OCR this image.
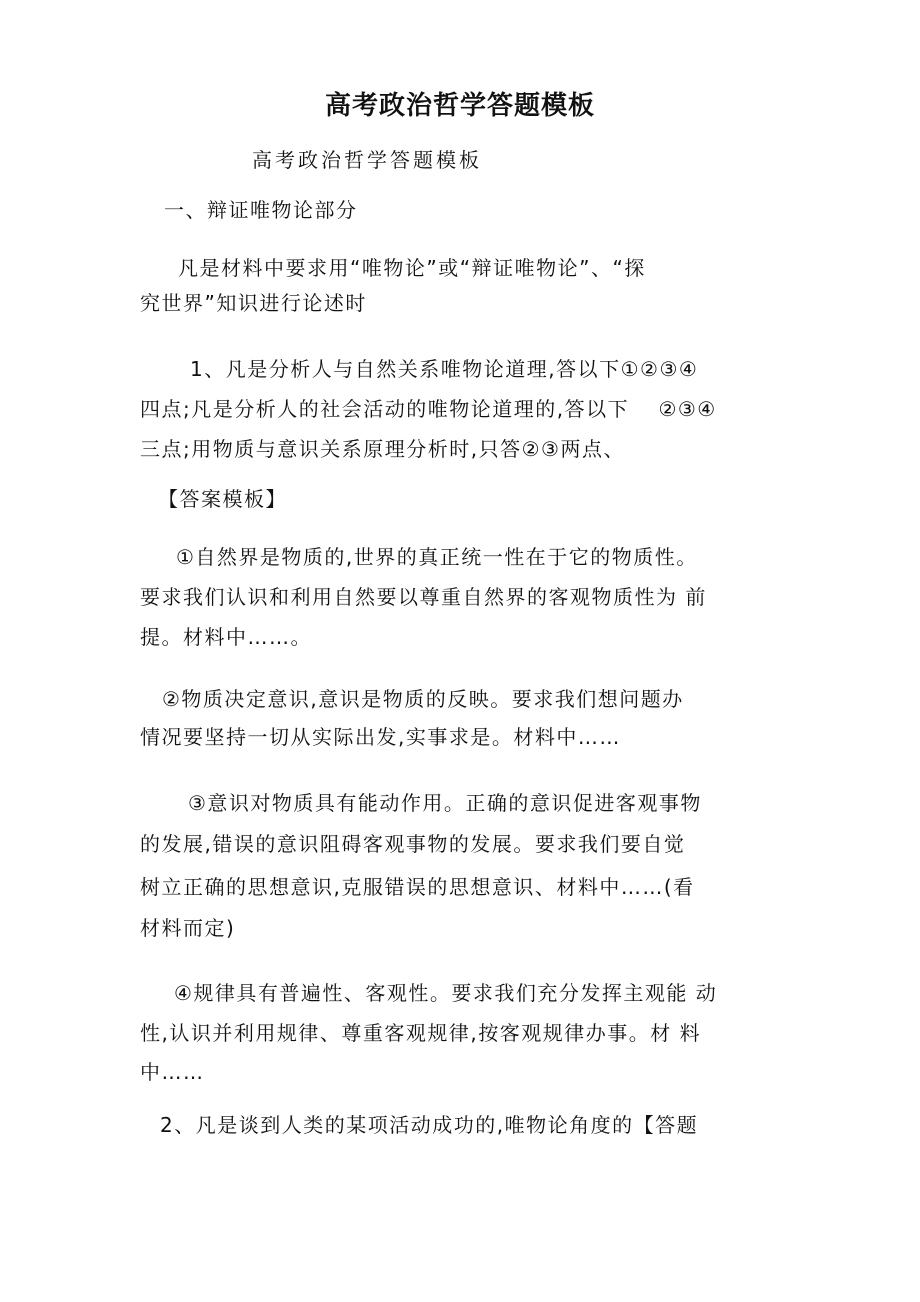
高考政治哲学答题模板
高考政治哲学答题模板
一、辩证唯物论部分
凡是材料中要求用“唯物论”或“辩证唯物论”、“探
究世界”知识进行论述时
1、凡是分析人与自然关系唯物论道理,答以下①②③④
四点;凡是分析人的社会活动的唯物论道理的,答以下　 ②③④
三点;用物质与意识关系原理分析时,只答②③两点、
【答案模板】
①自然界是物质的,世界的真正统一性在于它的物质性。
要求我们认识和利用自然要以尊重自然界的客观物质性为 前
提。材料中……。
②物质决定意识,意识是物质的反映。要求我们想问题办
情况要坚持一切从实际出发,实事求是。材料中……
③意识对物质具有能动作用。正确的意识促进客观事物
的发展,错误的意识阻碍客观事物的发展。要求我们要自觉
树立正确的思想意识,克服错误的思想意识、材料中……(看
材料而定)
④规律具有普遍性、客观性。要求我们充分发挥主观能 动
性,认识并利用规律、尊重客观规律,按客观规律办事。材 料
中……
2、凡是谈到人类的某项活动成功的,唯物论角度的【答题
